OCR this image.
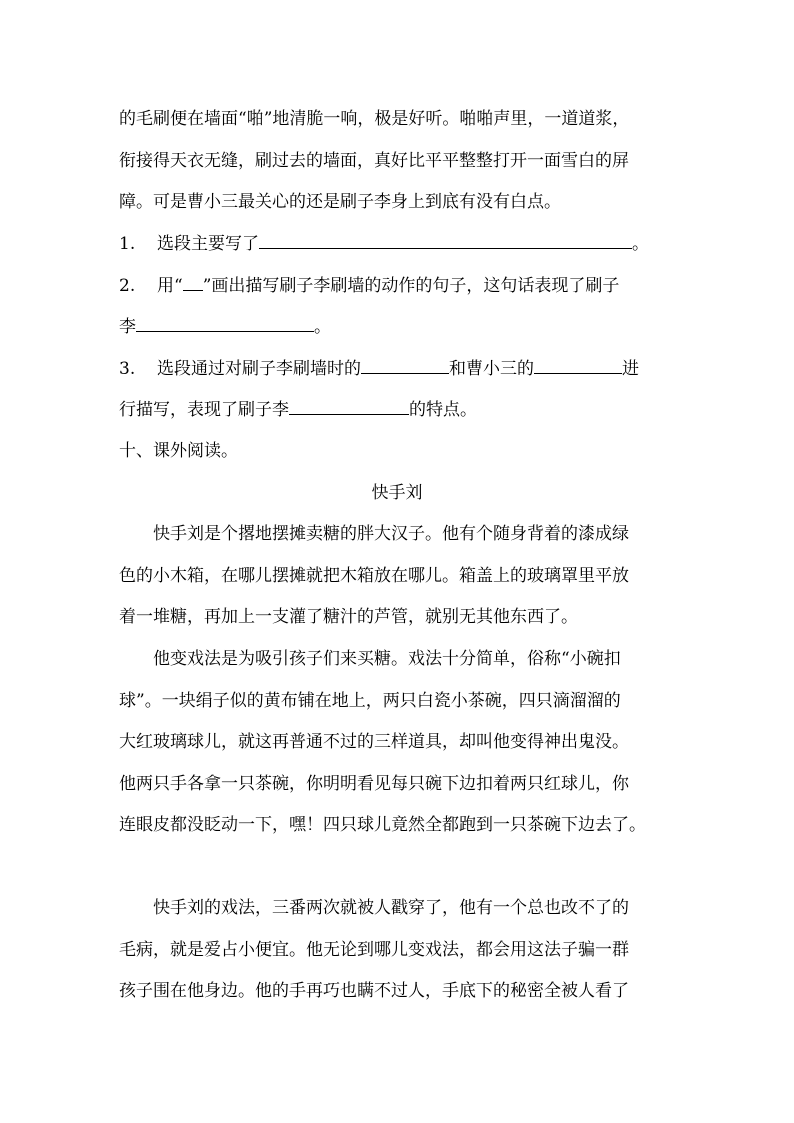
的毛刷便在墙面“啪”地清脆一响，极是好听。啪啪声里，一道道浆，

衔接得天衣无缝，刷过去的墙面，真好比平平整整打开一面雪白的屏

障。可是曹小三最关心的还是刷子李身上到底有没有白点。

1. 选段主要写了	。

2. 用“ ”画出描写刷子李刷墙的动作的句子，这句话表现了刷子

李	。

3. 选段通过对刷子李刷墙时的	和曹小三的	进

行描写，表现了刷子李	的特点。

十、课外阅读。

快手刘

快手刘是个撂地摆摊卖糖的胖大汉子。他有个随身背着的漆成绿

色的小木箱，在哪儿摆摊就把木箱放在哪儿。箱盖上的玻璃罩里平放

着一堆糖，再加上一支灌了糖汁的芦管，就别无其他东西了。

他变戏法是为吸引孩子们来买糖。戏法十分简单，俗称“小碗扣

球”。一块绢子似的黄布铺在地上，两只白瓷小茶碗，四只滴溜溜的

大红玻璃球儿，就这再普通不过的三样道具，却叫他变得神出鬼没。

他两只手各拿一只茶碗，你明明看见每只碗下边扣着两只红球儿，你

连眼皮都没眨动一下，嘿！四只球儿竟然全都跑到一只茶碗下边去了。

快手刘的戏法，三番两次就被人戳穿了，他有一个总也改不了的

毛病，就是爱占小便宜。他无论到哪儿变戏法，都会用这法子骗一群

孩子围在他身边。他的手再巧也瞒不过人，手底下的秘密全被人看了
